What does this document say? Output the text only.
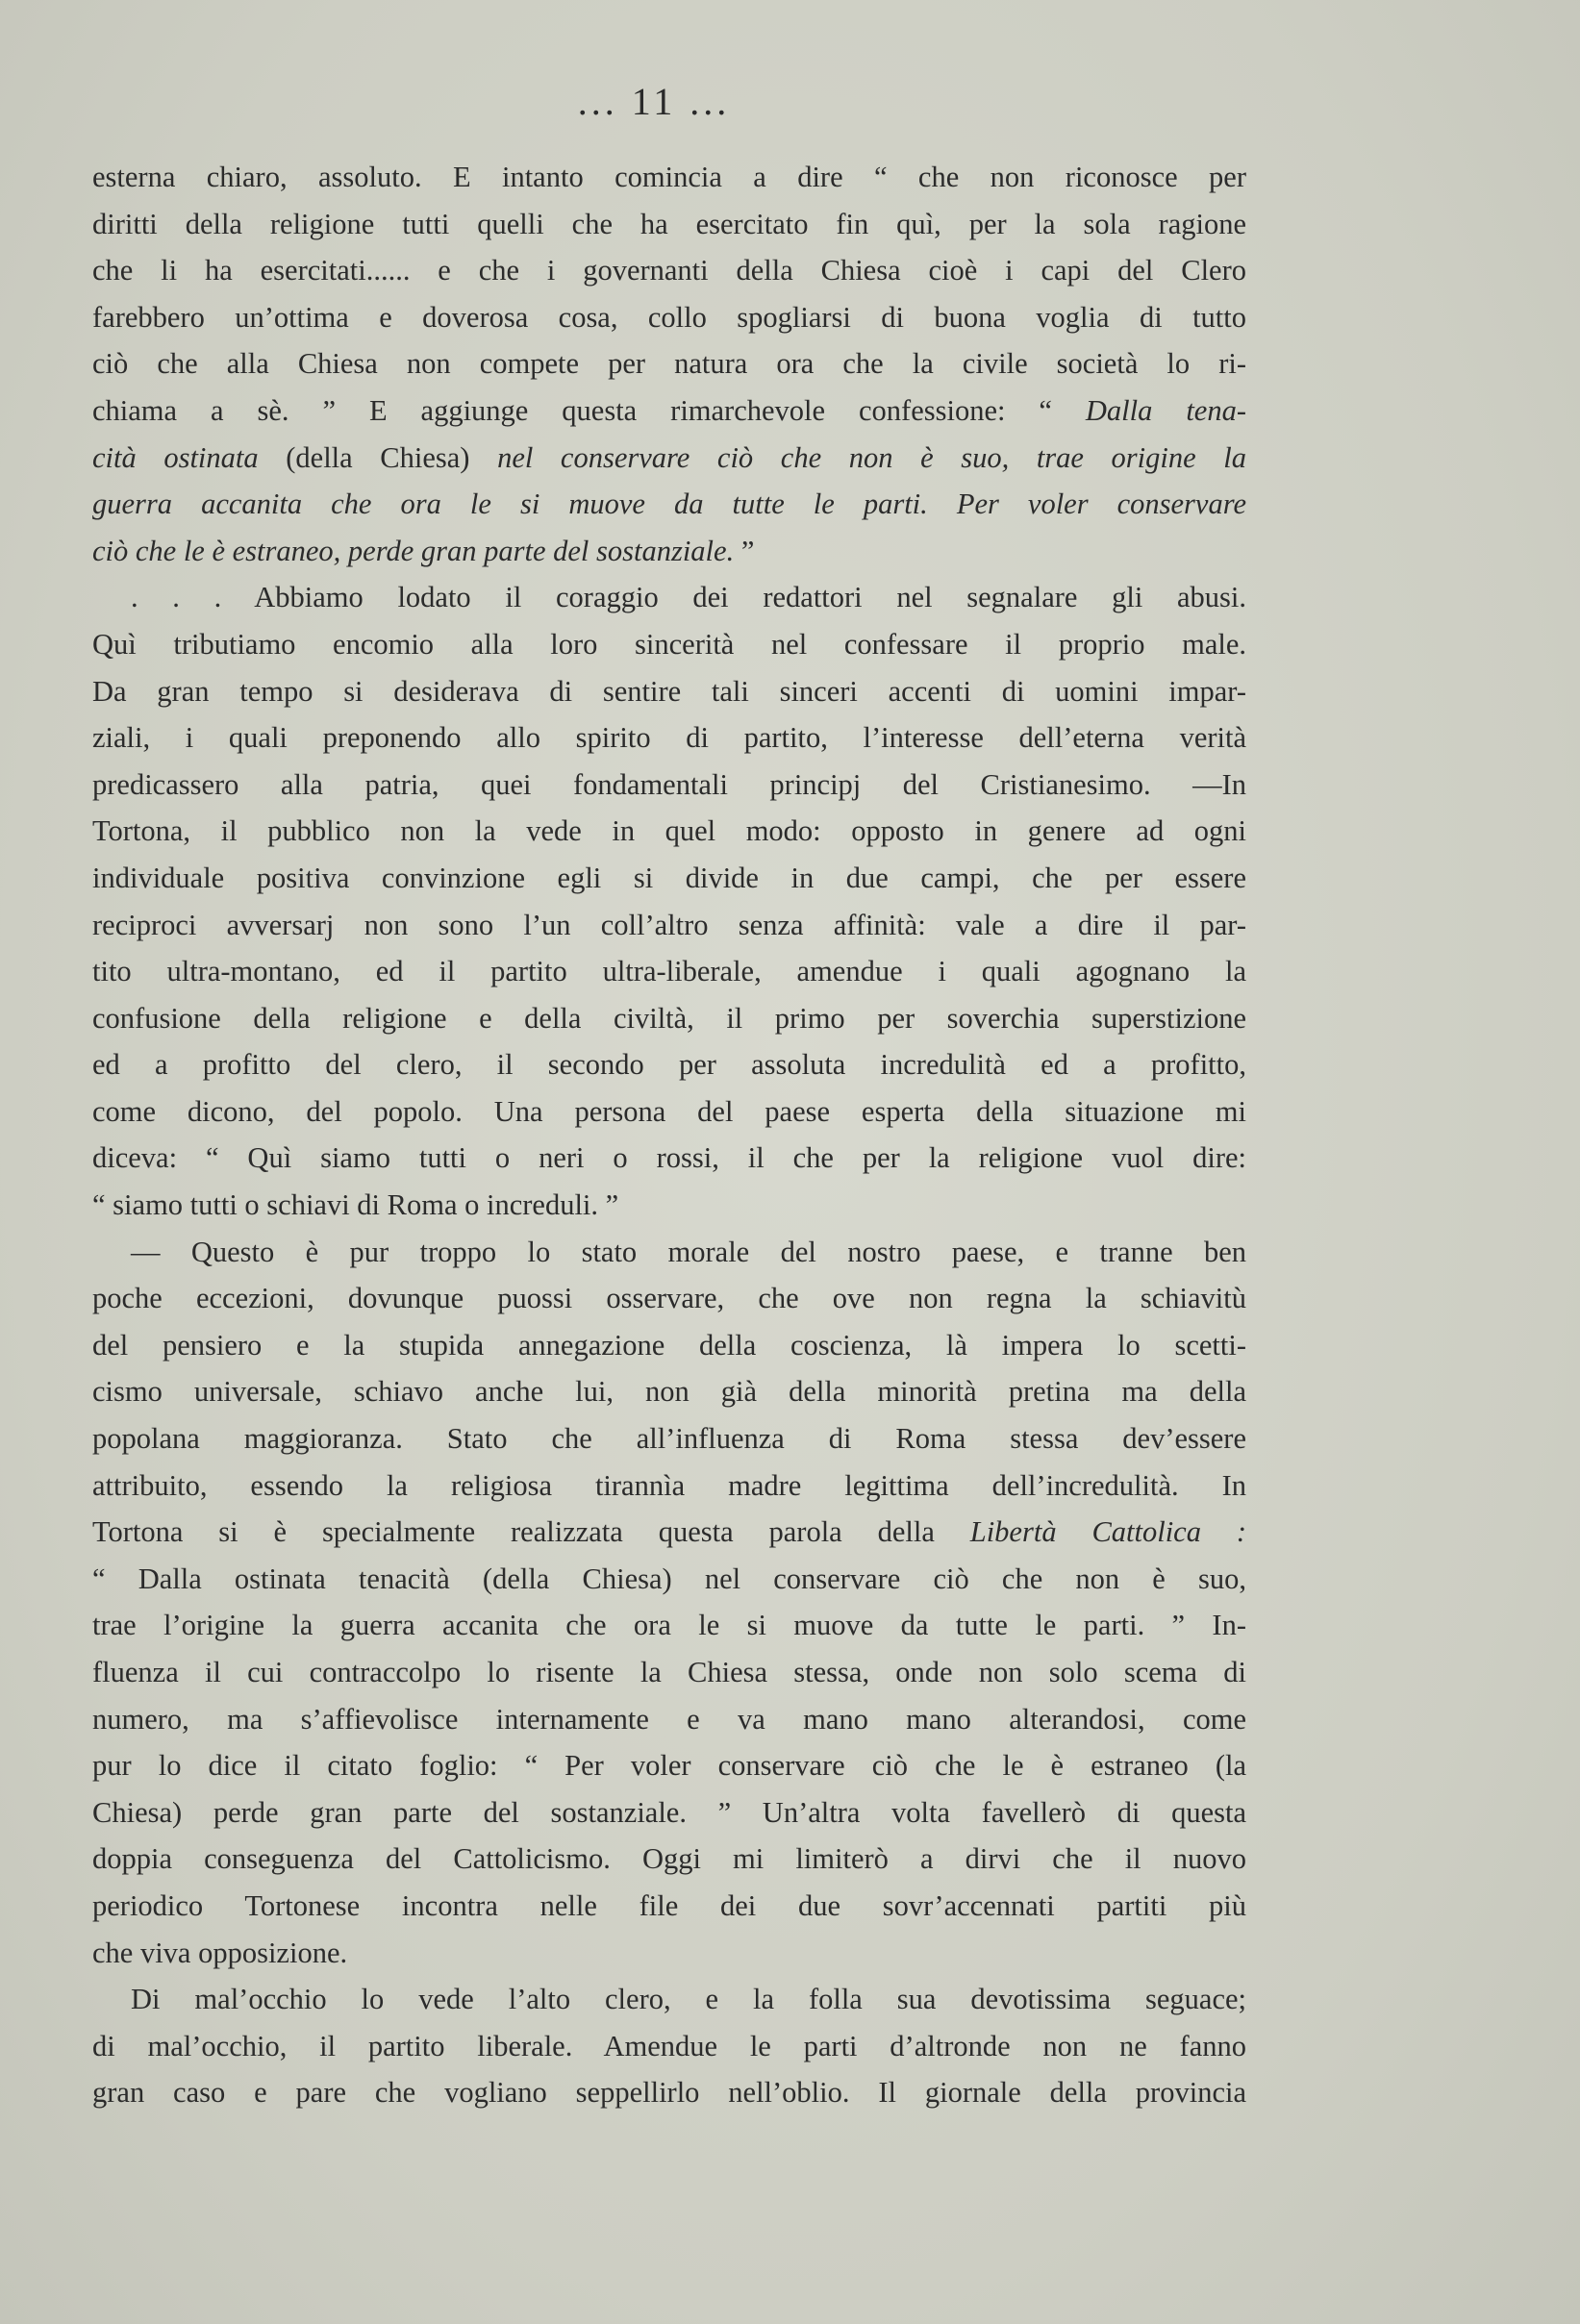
... 11 ...
esterna chiaro, assoluto. E intanto comincia a dire “ che non riconosce per
diritti della religione tutti quelli che ha esercitato fin quì, per la sola ragione
che li ha esercitati...... e che i governanti della Chiesa cioè i capi del Clero
farebbero un’ottima e doverosa cosa, collo spogliarsi di buona voglia di tutto
ciò che alla Chiesa non compete per natura ora che la civile società lo ri-
chiama a sè. ” E aggiunge questa rimarchevole confessione: “ Dalla tena-
cità ostinata (della Chiesa) nel conservare ciò che non è suo, trae origine la
guerra accanita che ora le si muove da tutte le parti. Per voler conservare
ciò che le è estraneo, perde gran parte del sostanziale. ”
. . . Abbiamo lodato il coraggio dei redattori nel segnalare gli abusi.
Quì tributiamo encomio alla loro sincerità nel confessare il proprio male.
Da gran tempo si desiderava di sentire tali sinceri accenti di uomini impar-
ziali, i quali preponendo allo spirito di partito, l’interesse dell’eterna verità
predicassero alla patria, quei fondamentali principj del Cristianesimo. —In
Tortona, il pubblico non la vede in quel modo: opposto in genere ad ogni
individuale positiva convinzione egli si divide in due campi, che per essere
reciproci avversarj non sono l’un coll’altro senza affinità: vale a dire il par-
tito ultra-montano, ed il partito ultra-liberale, amendue i quali agognano la
confusione della religione e della civiltà, il primo per soverchia superstizione
ed a profitto del clero, il secondo per assoluta incredulità ed a profitto,
come dicono, del popolo. Una persona del paese esperta della situazione mi
diceva: “ Quì siamo tutti o neri o rossi, il che per la religione vuol dire:
“ siamo tutti o schiavi di Roma o increduli. ”
— Questo è pur troppo lo stato morale del nostro paese, e tranne ben
poche eccezioni, dovunque puossi osservare, che ove non regna la schiavitù
del pensiero e la stupida annegazione della coscienza, là impera lo scetti-
cismo universale, schiavo anche lui, non già della minorità pretina ma della
popolana maggioranza. Stato che all’influenza di Roma stessa dev’essere
attribuito, essendo la religiosa tirannìa madre legittima dell’incredulità. In
Tortona si è specialmente realizzata questa parola della Libertà Cattolica :
“ Dalla ostinata tenacità (della Chiesa) nel conservare ciò che non è suo,
trae l’origine la guerra accanita che ora le si muove da tutte le parti. ” In-
fluenza il cui contraccolpo lo risente la Chiesa stessa, onde non solo scema di
numero, ma s’affievolisce internamente e va mano mano alterandosi, come
pur lo dice il citato foglio: “ Per voler conservare ciò che le è estraneo (la
Chiesa) perde gran parte del sostanziale. ” Un’altra volta favellerò di questa
doppia conseguenza del Cattolicismo. Oggi mi limiterò a dirvi che il nuovo
periodico Tortonese incontra nelle file dei due sovr’accennati partiti più
che viva opposizione.
Di mal’occhio lo vede l’alto clero, e la folla sua devotissima seguace;
di mal’occhio, il partito liberale. Amendue le parti d’altronde non ne fanno
gran caso e pare che vogliano seppellirlo nell’oblio. Il giornale della provincia
